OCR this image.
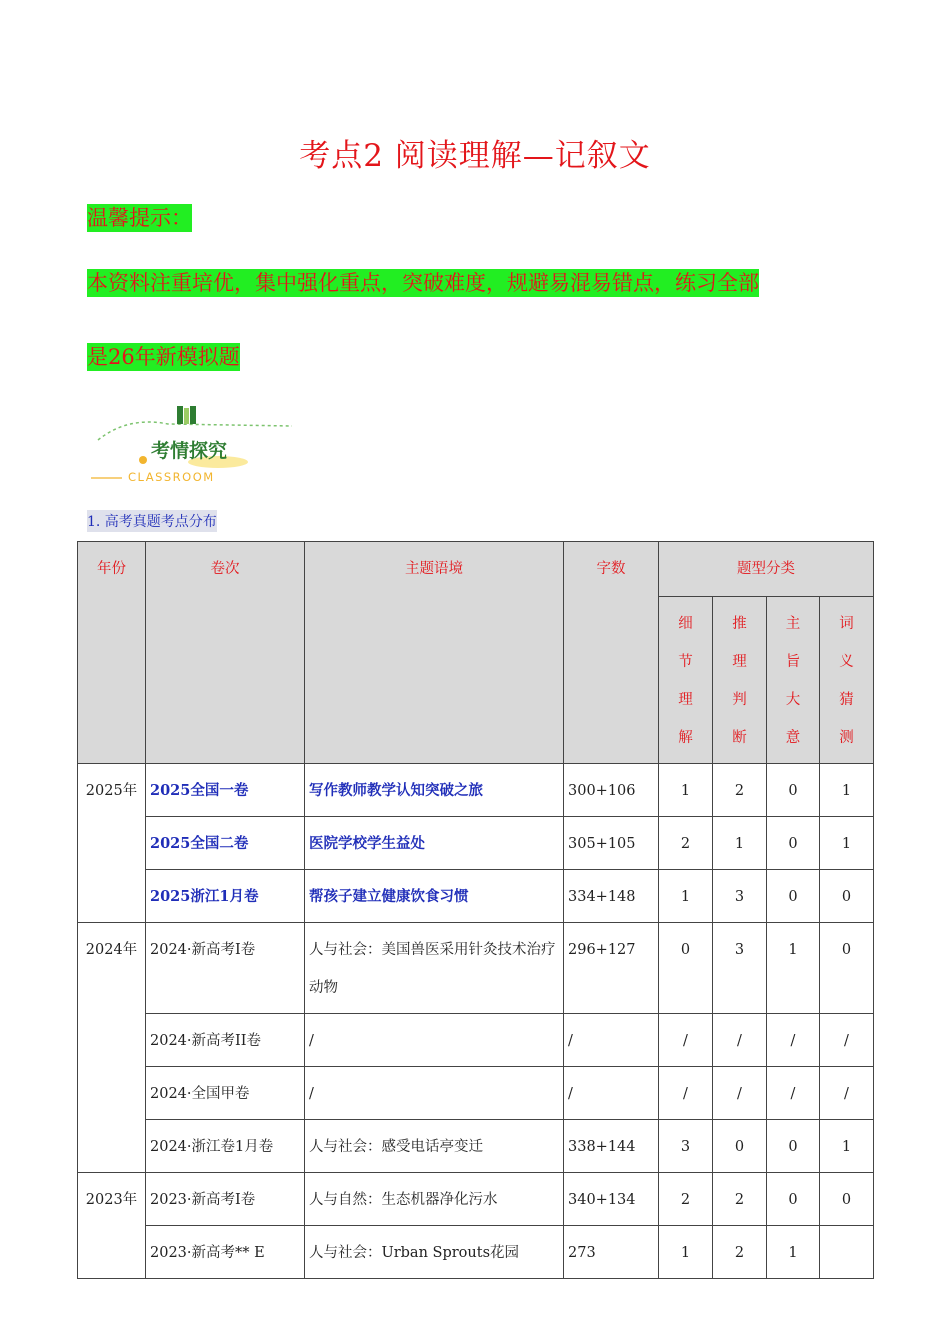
考点2 阅读理解—记叙文
温馨提示：
本资料注重培优，集中强化重点，突破难度，规避易混易错点，练习全部
是26年新模拟题
考情探究
CLASSROOM
1. 高考真题考点分布
年份	卷次	主题语境	字数	题型分类			

				细
节
理
解	推
理
判
断	主
旨
大
意	词
义
猜
测

2025年	2025全国一卷	写作教师教学认知突破之旅	300+106	1	2	0	1
	2025全国二卷	医院学校学生益处	305+105	2	1	0	1
	2025浙江1月卷	帮孩子建立健康饮食习惯	334+148	1	3	0	0
2024年	2024·新高考I卷	人与社会：美国兽医采用针灸技术治疗动物	296+127	0	3	1	0
	2024·新高考II卷	/	/	/	/	/	/
	2024·全国甲卷	/	/	/	/	/	/
	2024·浙江卷1月卷	人与社会：感受电话亭变迁	338+144	3	0	0	1
2023年	2023·新高考I卷	人与自然：生态机器净化污水	340+134	2	2	0	0
	2023·新高考** E	人与社会：Urban Sprouts花园	273	1	2	1	
